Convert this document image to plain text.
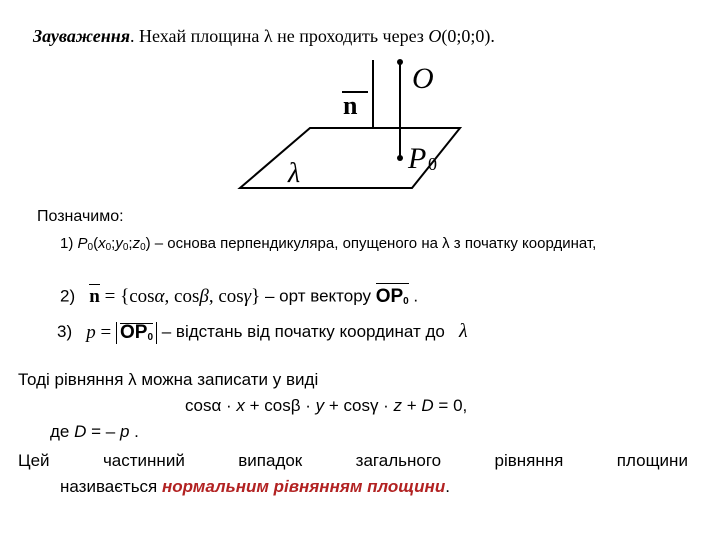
Зауваження. Нехай площина λ не проходить через O(0;0;0).
n
O
P 0
λ
Позначимо:
1) $P_0(x_0;y_0;z_0)$ – основа перпендикуляра, опущеного на λ з початку координат,
2) n = {cosα, cosβ, cosγ} – орт вектору
$OP_0$ .
3) p =
$OP_0$ – відстань від початку координат до   λ
Тоді рівняння λ можна записати у виді
cosα · x + cosβ · y + cosγ · z + D = 0,
де D = – p .
Цей	частинний	випадок	загального	рівняння	площини
називається нормальним рівнянням площини.
